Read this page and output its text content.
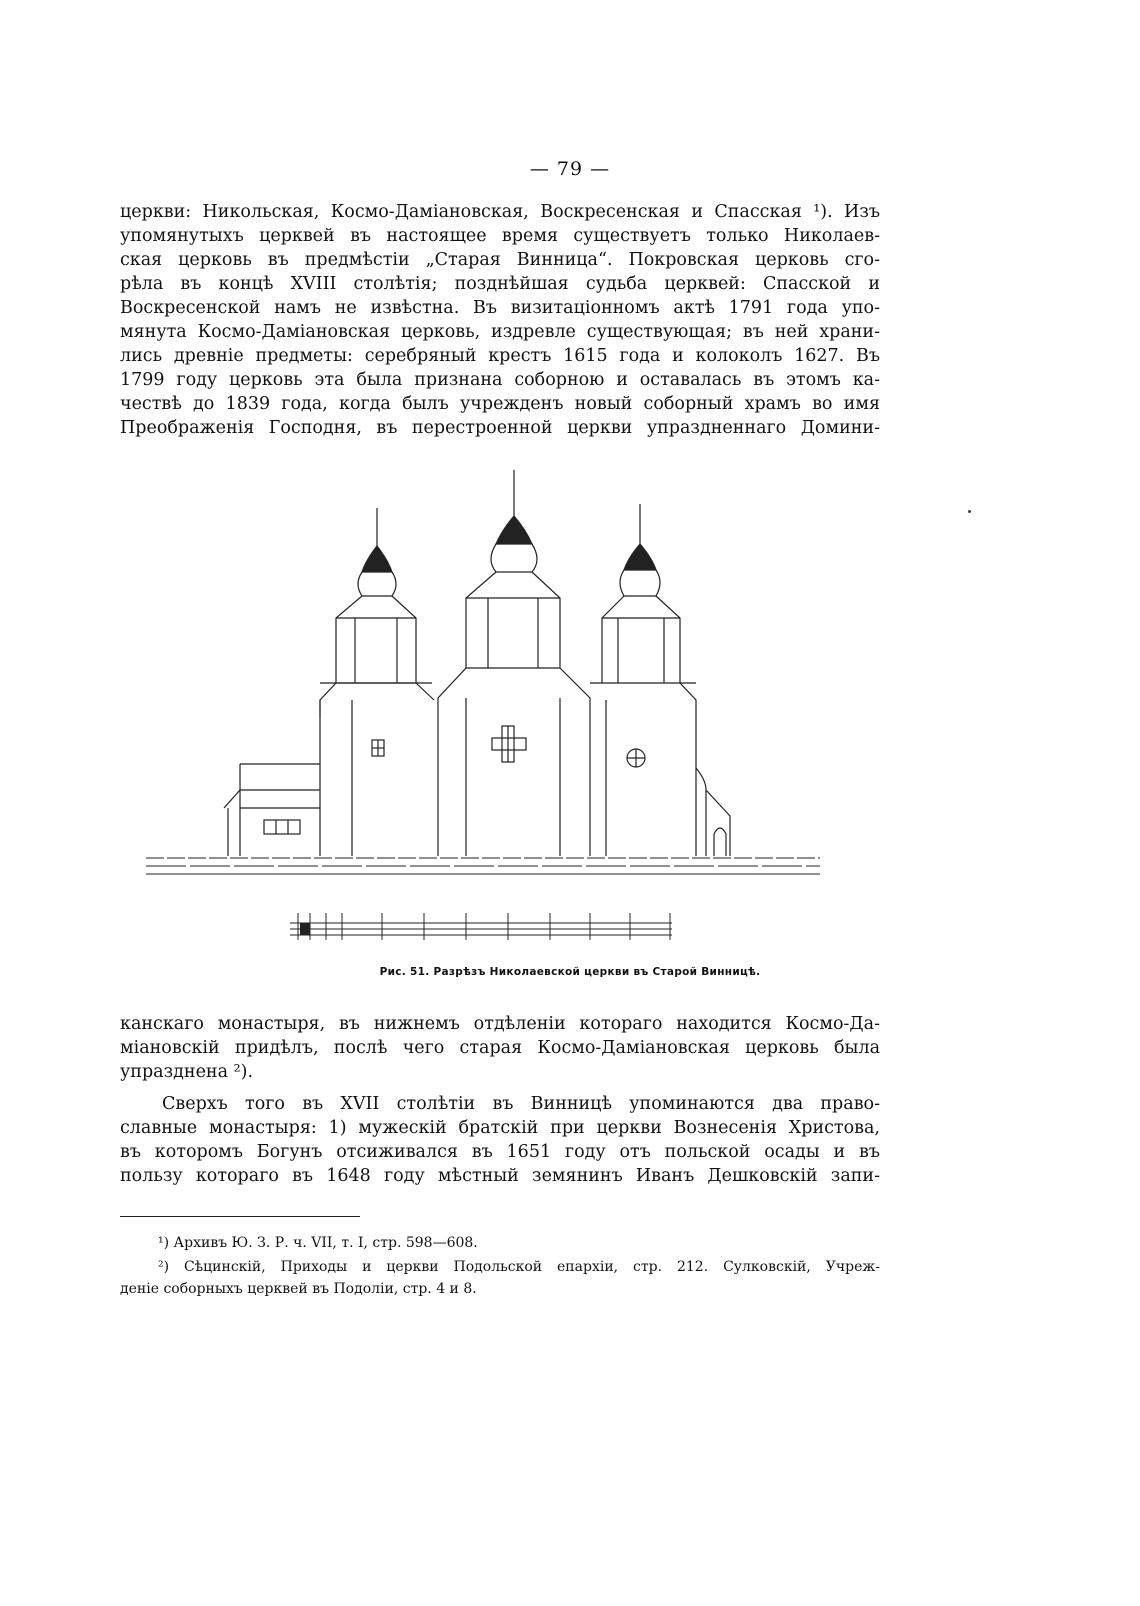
— 79 —
церкви: Никольская, Космо-Даміановская, Воскресенская и Спасская ¹). Изъ
упомянутыхъ церквей въ настоящее время существуетъ только Николаев-
ская церковь въ предмѣстіи „Старая Винница“. Покровская церковь сго-
рѣла въ концѣ XVIII столѣтія; позднѣйшая судьба церквей: Спасской и
Воскресенской намъ не извѣстна. Въ визитаціонномъ актѣ 1791 года упо-
мянута Космо-Даміановская церковь, издревле существующая; въ ней храни-
лись древніе предметы: серебряный крестъ 1615 года и колоколъ 1627. Въ
1799 году церковь эта была признана соборною и оставалась въ этомъ ка-
чествѣ до 1839 года, когда былъ учрежденъ новый соборный храмъ во имя
Преображенія Господня, въ перестроенной церкви упраздненнаго Домини-
Рис. 51. Разрѣзъ Николаевской церкви въ Старой Винницѣ.
канскаго монастыря, въ нижнемъ отдѣленіи котораго находится Космо-Да-
міановскій придѣлъ, послѣ чего старая Космо-Даміановская церковь была
упразднена ²).
Сверхъ того въ XVII столѣтіи въ Винницѣ упоминаются два право-
славные монастыря: 1) мужескій братскій при церкви Вознесенія Христова,
въ которомъ Богунъ отсиживался въ 1651 году отъ польской осады и въ
пользу котораго въ 1648 году мѣстный земянинъ Иванъ Дешковскій запи-
¹) Архивъ Ю. З. Р. ч. VII, т. I, стр. 598—608.
²) Сѣцинскій, Приходы и церкви Подольской епархіи, стр. 212. Сулковскій, Учреж-
деніе соборныхъ церквей въ Подоліи, стр. 4 и 8.
